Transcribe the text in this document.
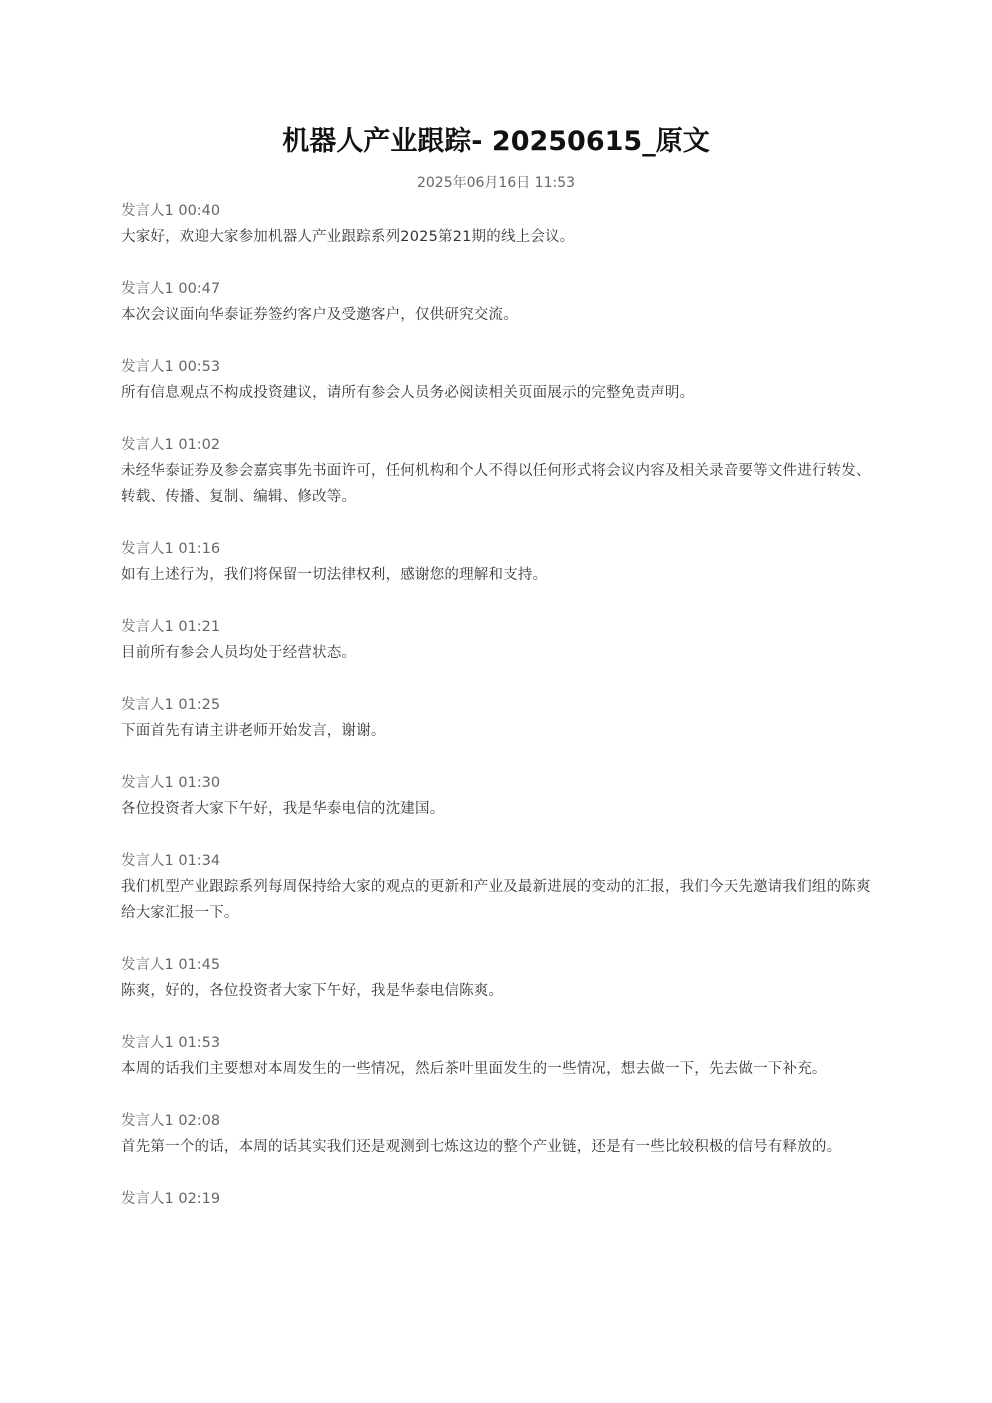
机器人产业跟踪- 20250615_原文
2025年06月16日 11:53
发言人1 00:40
大家好，欢迎大家参加机器人产业跟踪系列2025第21期的线上会议。
发言人1 00:47
本次会议面向华泰证券签约客户及受邀客户，仅供研究交流。
发言人1 00:53
所有信息观点不构成投资建议，请所有参会人员务必阅读相关页面展示的完整免责声明。
发言人1 01:02
未经华泰证券及参会嘉宾事先书面许可，任何机构和个人不得以任何形式将会议内容及相关录音要等文件进行转发、转载、传播、复制、编辑、修改等。
发言人1 01:16
如有上述行为，我们将保留一切法律权利，感谢您的理解和支持。
发言人1 01:21
目前所有参会人员均处于经营状态。
发言人1 01:25
下面首先有请主讲老师开始发言，谢谢。
发言人1 01:30
各位投资者大家下午好，我是华泰电信的沈建国。
发言人1 01:34
我们机型产业跟踪系列每周保持给大家的观点的更新和产业及最新进展的变动的汇报，我们今天先邀请我们组的陈爽给大家汇报一下。
发言人1 01:45
陈爽，好的，各位投资者大家下午好，我是华泰电信陈爽。
发言人1 01:53
本周的话我们主要想对本周发生的一些情况，然后茶叶里面发生的一些情况，想去做一下，先去做一下补充。
发言人1 02:08
首先第一个的话，本周的话其实我们还是观测到七炼这边的整个产业链，还是有一些比较积极的信号有释放的。
发言人1 02:19
